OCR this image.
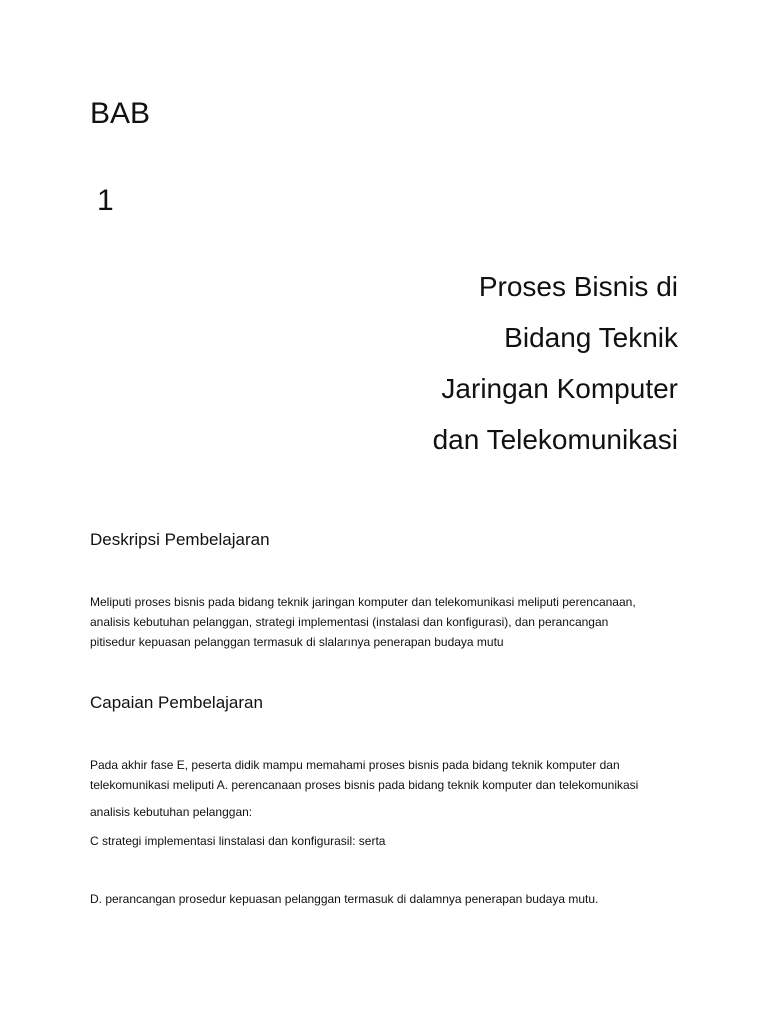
BAB
1
Proses Bisnis di
Bidang Teknik
Jaringan Komputer
dan Telekomunikasi
Deskripsi Pembelajaran
Meliputi proses bisnis pada bidang teknik jaringan komputer dan telekomunikasi meliputi perencanaan,
analisis kebutuhan pelanggan, strategi implementasi (instalasi dan konfigurasi), dan perancangan
pitisedur kepuasan pelanggan termasuk di slalarınya penerapan budaya mutu
Capaian Pembelajaran
Pada akhir fase E, peserta didik mampu memahami proses bisnis pada bidang teknik komputer dan
telekomunikasi meliputi A. perencanaan proses bisnis pada bidang teknik komputer dan telekomunikasi
analisis kebutuhan pelanggan:
C strategi implementasi linstalasi dan konfigurasil: serta
D. perancangan prosedur kepuasan pelanggan termasuk di dalamnya penerapan budaya mutu.
